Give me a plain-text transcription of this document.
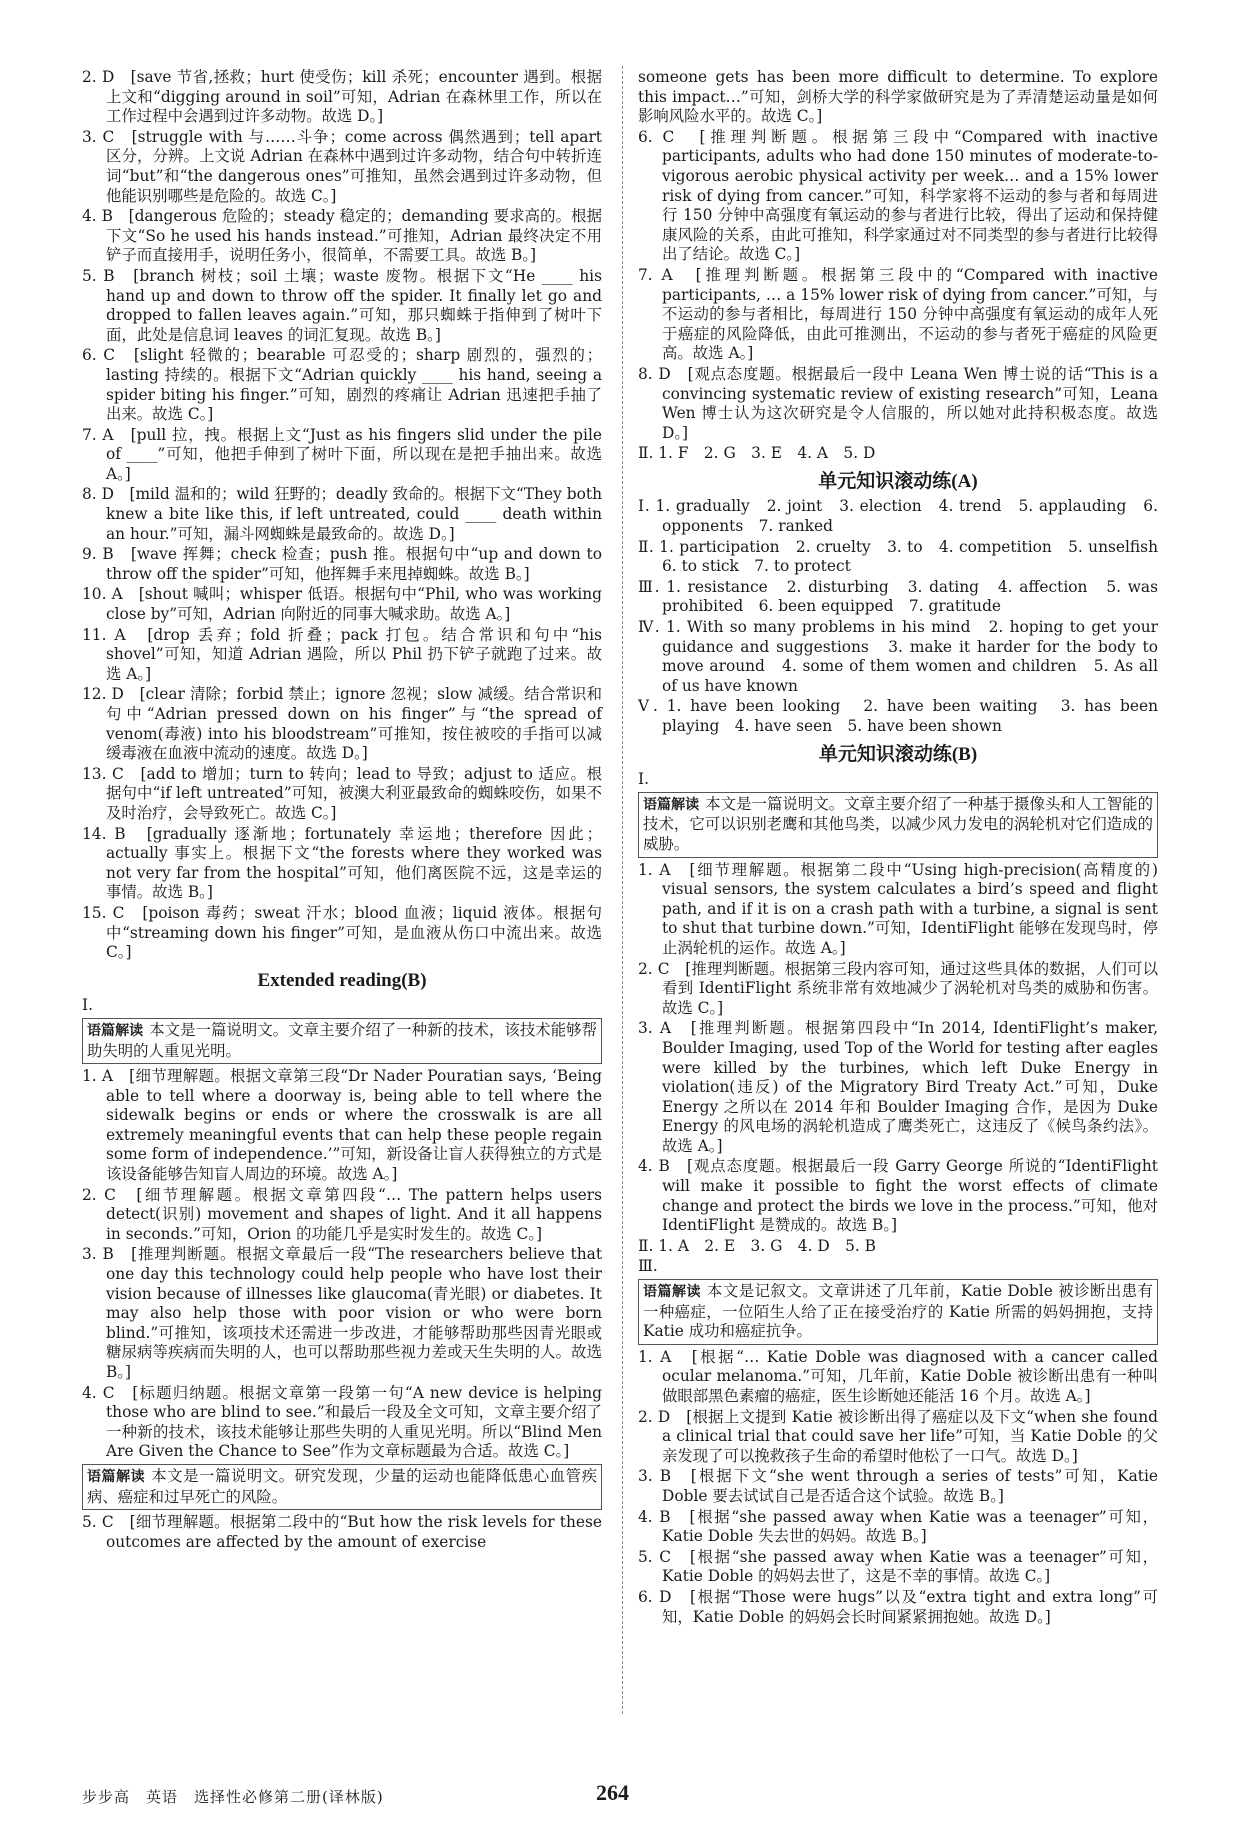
2. D　[save 节省,拯救；hurt 使受伤；kill 杀死；encounter 遇到。根据上文和“digging around in soil”可知，Adrian 在森林里工作，所以在工作过程中会遇到过许多动物。故选 D。]
3. C　[struggle with 与……斗争；come across 偶然遇到；tell apart 区分，分辨。上文说 Adrian 在森林中遇到过许多动物，结合句中转折连词“but”和“the dangerous ones”可推知，虽然会遇到过许多动物，但他能识别哪些是危险的。故选 C。]
4. B　[dangerous 危险的；steady 稳定的；demanding 要求高的。根据下文“So he used his hands instead.”可推知，Adrian 最终决定不用铲子而直接用手，说明任务小，很简单，不需要工具。故选 B。]
5. B　[branch 树枝；soil 土壤；waste 废物。根据下文“He ____ his hand up and down to throw off the spider. It finally let go and dropped to fallen leaves again.”可知，那只蜘蛛于指伸到了树叶下面，此处是信息词 leaves 的词汇复现。故选 B。]
6. C　[slight 轻微的；bearable 可忍受的；sharp 剧烈的，强烈的；lasting 持续的。根据下文“Adrian quickly ____ his hand, seeing a spider biting his finger.”可知，剧烈的疼痛让 Adrian 迅速把手抽了出来。故选 C。]
7. A　[pull 拉，拽。根据上文“Just as his fingers slid under the pile of ____”可知，他把手伸到了树叶下面，所以现在是把手抽出来。故选 A。]
8. D　[mild 温和的；wild 狂野的；deadly 致命的。根据下文“They both knew a bite like this, if left untreated, could ____ death within an hour.”可知，漏斗网蜘蛛是最致命的。故选 D。]
9. B　[wave 挥舞；check 检查；push 推。根据句中“up and down to throw off the spider”可知，他挥舞手来甩掉蜘蛛。故选 B。]
10. A　[shout 喊叫；whisper 低语。根据句中“Phil, who was working close by”可知，Adrian 向附近的同事大喊求助。故选 A。]
11. A　[drop 丢弃；fold 折叠；pack 打包。结合常识和句中“his shovel”可知，知道 Adrian 遇险，所以 Phil 扔下铲子就跑了过来。故选 A。]
12. D　[clear 清除；forbid 禁止；ignore 忽视；slow 减缓。结合常识和句中“Adrian pressed down on his finger”与“the spread of venom(毒液) into his bloodstream”可推知，按住被咬的手指可以减缓毒液在血液中流动的速度。故选 D。]
13. C　[add to 增加；turn to 转向；lead to 导致；adjust to 适应。根据句中“if left untreated”可知，被澳大利亚最致命的蜘蛛咬伤，如果不及时治疗，会导致死亡。故选 C。]
14. B　[gradually 逐渐地；fortunately 幸运地；therefore 因此；actually 事实上。根据下文“the forests where they worked was not very far from the hospital”可知，他们离医院不远，这是幸运的事情。故选 B。]
15. C　[poison 毒药；sweat 汗水；blood 血液；liquid 液体。根据句中“streaming down his finger”可知，是血液从伤口中流出来。故选 C。]
Extended reading(B)
Ⅰ.
语篇解读 本文是一篇说明文。文章主要介绍了一种新的技术，该技术能够帮助失明的人重见光明。
1. A　[细节理解题。根据文章第三段“Dr Nader Pouratian says, ‘Being able to tell where a doorway is, being able to tell where the sidewalk begins or ends or where the crosswalk is are all extremely meaningful events that can help these people regain some form of independence.’”可知，新设备让盲人获得独立的方式是该设备能够告知盲人周边的环境。故选 A。]
2. C　[细节理解题。根据文章第四段“… The pattern helps users detect(识别) movement and shapes of light. And it all happens in seconds.”可知，Orion 的功能几乎是实时发生的。故选 C。]
3. B　[推理判断题。根据文章最后一段“The researchers believe that one day this technology could help people who have lost their vision because of illnesses like glaucoma(青光眼) or diabetes. It may also help those with poor vision or who were born blind.”可推知，该项技术还需进一步改进，才能够帮助那些因青光眼或糖尿病等疾病而失明的人，也可以帮助那些视力差或天生失明的人。故选 B。]
4. C　[标题归纳题。根据文章第一段第一句“A new device is helping those who are blind to see.”和最后一段及全文可知，文章主要介绍了一种新的技术，该技术能够让那些失明的人重见光明。所以“Blind Men Are Given the Chance to See”作为文章标题最为合适。故选 C。]
语篇解读 本文是一篇说明文。研究发现，少量的运动也能降低患心血管疾病、癌症和过早死亡的风险。
5. C　[细节理解题。根据第二段中的“But how the risk levels for these outcomes are affected by the amount of exercise
someone gets has been more difficult to determine. To explore this impact…”可知，剑桥大学的科学家做研究是为了弄清楚运动量是如何影响风险水平的。故选 C。]
6. C　[推理判断题。根据第三段中“Compared with inactive participants, adults who had done 150 minutes of moderate-to-vigorous aerobic physical activity per week… and a 15% lower risk of dying from cancer.”可知，科学家将不运动的参与者和每周进行 150 分钟中高强度有氧运动的参与者进行比较，得出了运动和保持健康风险的关系，由此可推知，科学家通过对不同类型的参与者进行比较得出了结论。故选 C。]
7. A　[推理判断题。根据第三段中的“Compared with inactive participants, … a 15% lower risk of dying from cancer.”可知，与不运动的参与者相比，每周进行 150 分钟中高强度有氧运动的成年人死于癌症的风险降低，由此可推测出，不运动的参与者死于癌症的风险更高。故选 A。]
8. D　[观点态度题。根据最后一段中 Leana Wen 博士说的话“This is a convincing systematic review of existing research”可知，Leana Wen 博士认为这次研究是令人信服的，所以她对此持积极态度。故选 D。]
Ⅱ. 1. F　2. G　3. E　4. A　5. D
单元知识滚动练(A)
Ⅰ. 1. gradually　2. joint　3. election　4. trend　5. applauding　6. opponents　7. ranked
Ⅱ. 1. participation　2. cruelty　3. to　4. competition　5. unselfish　6. to stick　7. to protect
Ⅲ. 1. resistance　2. disturbing　3. dating　4. affection　5. was prohibited　6. been equipped　7. gratitude
Ⅳ. 1. With so many problems in his mind　2. hoping to get your guidance and suggestions　3. make it harder for the body to move around　4. some of them women and children　5. As all of us have known
Ⅴ. 1. have been looking　2. have been waiting　3. has been playing　4. have seen　5. have been shown
单元知识滚动练(B)
Ⅰ.
语篇解读 本文是一篇说明文。文章主要介绍了一种基于摄像头和人工智能的技术，它可以识别老鹰和其他鸟类，以减少风力发电的涡轮机对它们造成的威胁。
1. A　[细节理解题。根据第二段中“Using high-precision(高精度的) visual sensors, the system calculates a bird’s speed and flight path, and if it is on a crash path with a turbine, a signal is sent to shut that turbine down.”可知，IdentiFlight 能够在发现鸟时，停止涡轮机的运作。故选 A。]
2. C　[推理判断题。根据第三段内容可知，通过这些具体的数据，人们可以看到 IdentiFlight 系统非常有效地减少了涡轮机对鸟类的威胁和伤害。故选 C。]
3. A　[推理判断题。根据第四段中“In 2014, IdentiFlight’s maker, Boulder Imaging, used Top of the World for testing after eagles were killed by the turbines, which left Duke Energy in violation(违反) of the Migratory Bird Treaty Act.”可知，Duke Energy 之所以在 2014 年和 Boulder Imaging 合作，是因为 Duke Energy 的风电场的涡轮机造成了鹰类死亡，这违反了《候鸟条约法》。故选 A。]
4. B　[观点态度题。根据最后一段 Garry George 所说的“IdentiFlight will make it possible to fight the worst effects of climate change and protect the birds we love in the process.”可知，他对 IdentiFlight 是赞成的。故选 B。]
Ⅱ. 1. A　2. E　3. G　4. D　5. B
Ⅲ.
语篇解读 本文是记叙文。文章讲述了几年前，Katie Doble 被诊断出患有一种癌症，一位陌生人给了正在接受治疗的 Katie 所需的妈妈拥抱，支持 Katie 成功和癌症抗争。
1. A　[根据“… Katie Doble was diagnosed with a cancer called ocular melanoma.”可知，几年前，Katie Doble 被诊断出患有一种叫做眼部黑色素瘤的癌症，医生诊断她还能活 16 个月。故选 A。]
2. D　[根据上文提到 Katie 被诊断出得了癌症以及下文“when she found a clinical trial that could save her life”可知，当 Katie Doble 的父亲发现了可以挽救孩子生命的希望时他松了一口气。故选 D。]
3. B　[根据下文“she went through a series of tests”可知，Katie Doble 要去试试自己是否适合这个试验。故选 B。]
4. B　[根据“she passed away when Katie was a teenager”可知，Katie Doble 失去世的妈妈。故选 B。]
5. C　[根据“she passed away when Katie was a teenager”可知，Katie Doble 的妈妈去世了，这是不幸的事情。故选 C。]
6. D　[根据“Those were hugs”以及“extra tight and extra long”可知，Katie Doble 的妈妈会长时间紧紧拥抱她。故选 D。]
步步高　英语　选择性必修第二册(译林版)	264
